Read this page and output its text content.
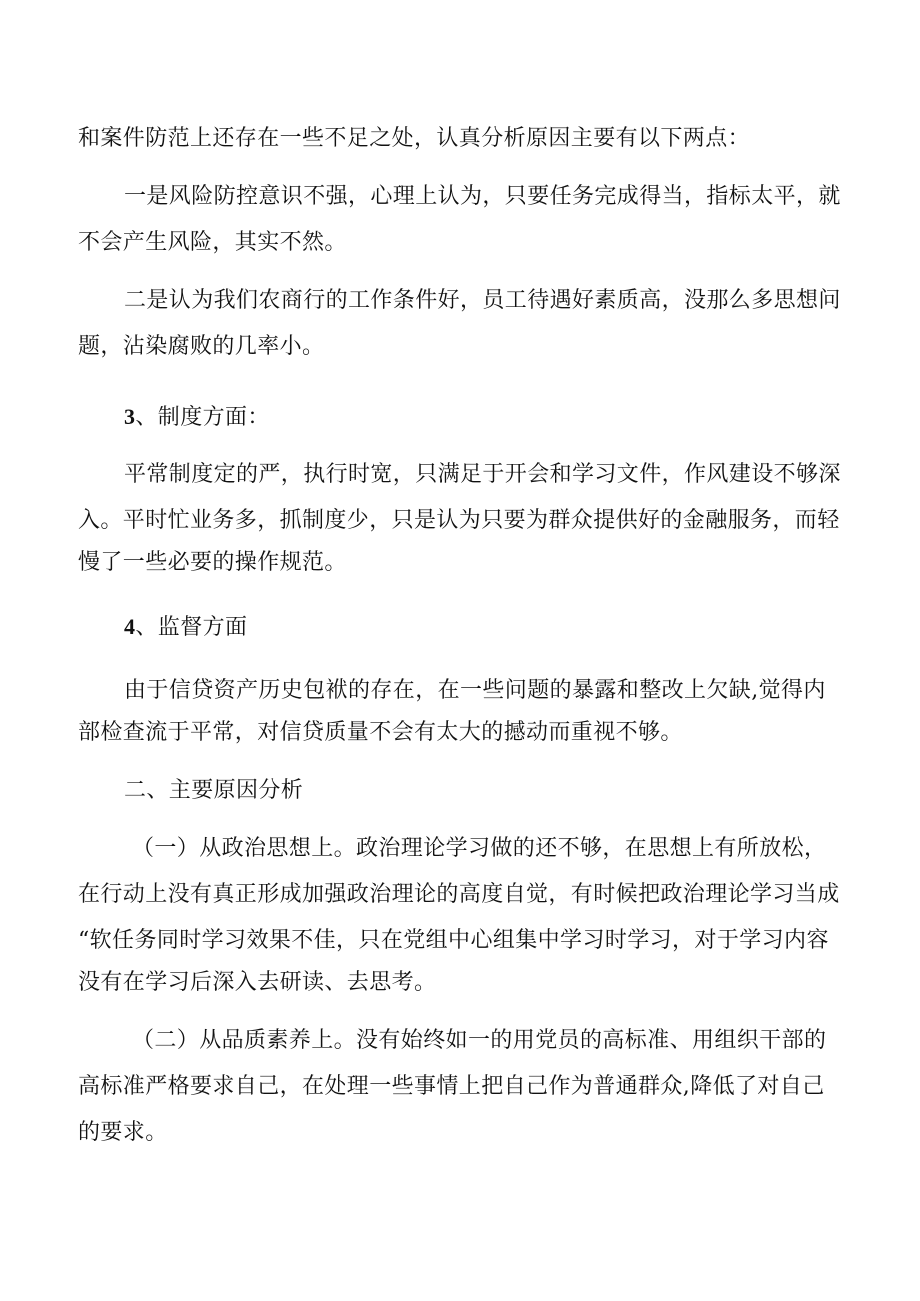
和案件防范上还存在一些不足之处，认真分析原因主要有以下两点：
一是风险防控意识不强，心理上认为，只要任务完成得当，指标太平，就
不会产生风险，其实不然。
二是认为我们农商行的工作条件好，员工待遇好素质高，没那么多思想问
题，沾染腐败的几率小。
3、制度方面：
平常制度定的严，执行时宽，只满足于开会和学习文件，作风建设不够深
入。平时忙业务多，抓制度少，只是认为只要为群众提供好的金融服务，而轻
慢了一些必要的操作规范。
4、监督方面
由于信贷资产历史包袱的存在，在一些问题的暴露和整改上欠缺,觉得内
部检查流于平常，对信贷质量不会有太大的撼动而重视不够。
二、主要原因分析
（一）从政治思想上。政治理论学习做的还不够，在思想上有所放松，
在行动上没有真正形成加强政治理论的高度自觉，有时候把政治理论学习当成
“软任务同时学习效果不佳，只在党组中心组集中学习时学习，对于学习内容
没有在学习后深入去研读、去思考。
（二）从品质素养上。没有始终如一的用党员的高标准、用组织干部的
高标准严格要求自己，在处理一些事情上把自己作为普通群众,降低了对自己
的要求。
